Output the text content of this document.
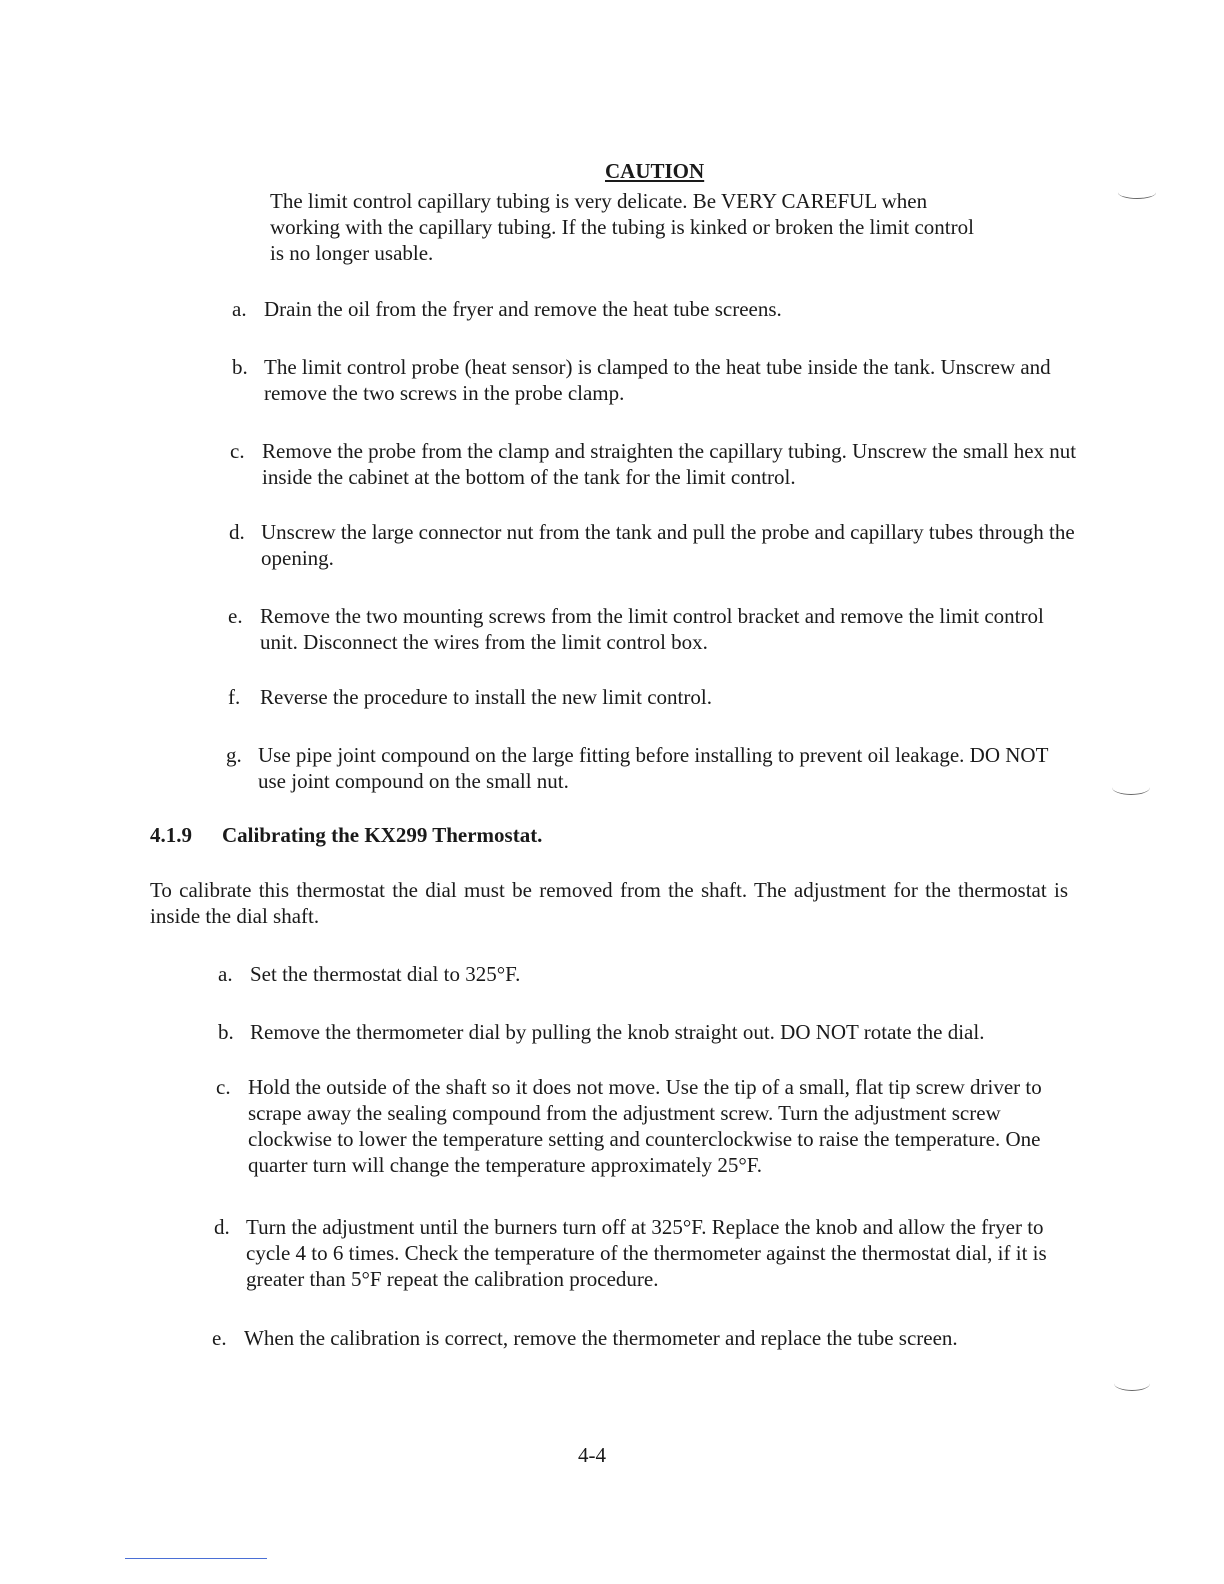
CAUTION
The limit control capillary tubing is very delicate. Be VERY CAREFUL when working with the capillary tubing. If the tubing is kinked or broken the limit control is no longer usable.
a. Drain the oil from the fryer and remove the heat tube screens.
b. The limit control probe (heat sensor) is clamped to the heat tube inside the tank. Unscrew and remove the two screws in the probe clamp.
c. Remove the probe from the clamp and straighten the capillary tubing. Unscrew the small hex nut inside the cabinet at the bottom of the tank for the limit control.
d. Unscrew the large connector nut from the tank and pull the probe and capillary tubes through the opening.
e. Remove the two mounting screws from the limit control bracket and remove the limit control unit. Disconnect the wires from the limit control box.
f. Reverse the procedure to install the new limit control.
g. Use pipe joint compound on the large fitting before installing to prevent oil leakage. DO NOT use joint compound on the small nut.
4.1.9 Calibrating the KX299 Thermostat.
To calibrate this thermostat the dial must be removed from the shaft. The adjustment for the thermostat is inside the dial shaft.
a. Set the thermostat dial to 325°F.
b. Remove the thermometer dial by pulling the knob straight out. DO NOT rotate the dial.
c. Hold the outside of the shaft so it does not move. Use the tip of a small, flat tip screw driver to scrape away the sealing compound from the adjustment screw. Turn the adjustment screw clockwise to lower the temperature setting and counterclockwise to raise the temperature. One quarter turn will change the temperature approximately 25°F.
d. Turn the adjustment until the burners turn off at 325°F. Replace the knob and allow the fryer to cycle 4 to 6 times. Check the temperature of the thermometer against the thermostat dial, if it is greater than 5°F repeat the calibration procedure.
e. When the calibration is correct, remove the thermometer and replace the tube screen.
4-4
